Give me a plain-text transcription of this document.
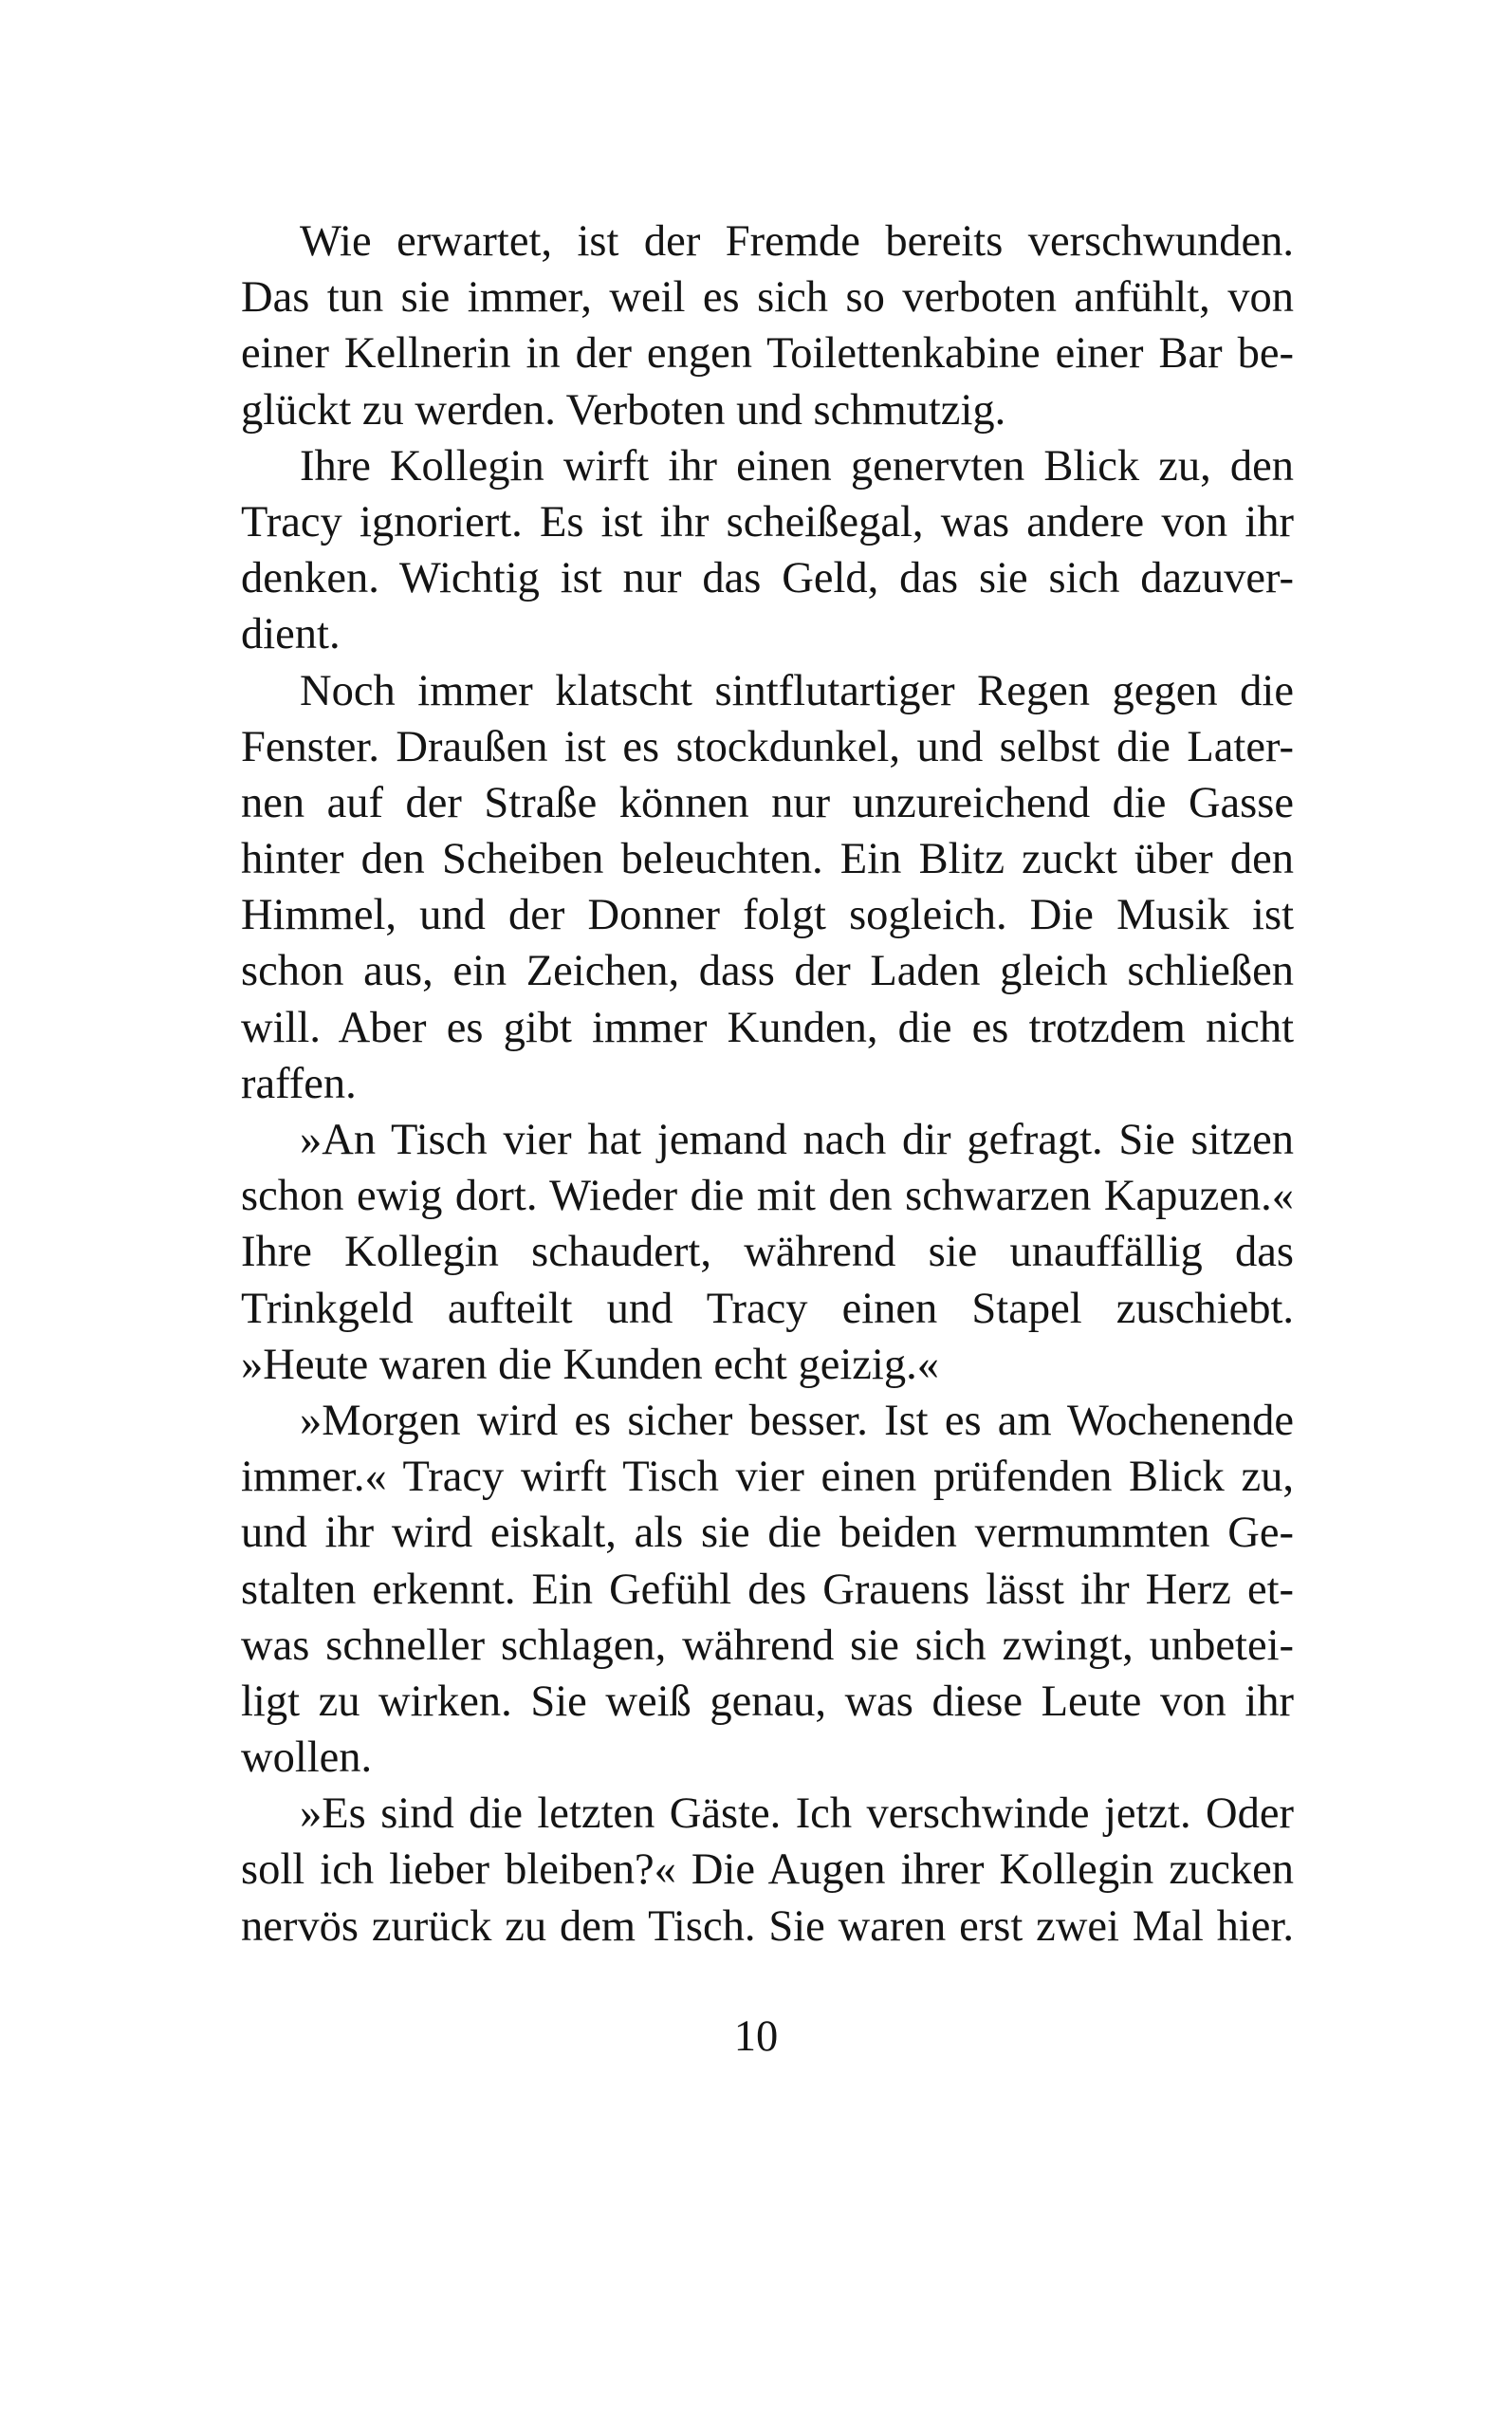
Wie erwartet, ist der Fremde bereits verschwunden.
Das tun sie immer, weil es sich so verboten anfühlt, von
einer Kellnerin in der engen Toilettenkabine einer Bar be-
glückt zu werden. Verboten und schmutzig.

Ihre Kollegin wirft ihr einen genervten Blick zu, den
Tracy ignoriert. Es ist ihr scheißegal, was andere von ihr
denken. Wichtig ist nur das Geld, das sie sich dazuver-
dient.

Noch immer klatscht sintflutartiger Regen gegen die
Fenster. Draußen ist es stockdunkel, und selbst die Later-
nen auf der Straße können nur unzureichend die Gasse
hinter den Scheiben beleuchten. Ein Blitz zuckt über den
Himmel, und der Donner folgt sogleich. Die Musik ist
schon aus, ein Zeichen, dass der Laden gleich schließen
will. Aber es gibt immer Kunden, die es trotzdem nicht
raffen.

»An Tisch vier hat jemand nach dir gefragt. Sie sitzen
schon ewig dort. Wieder die mit den schwarzen Kapuzen.«
Ihre Kollegin schaudert, während sie unauffällig das
Trinkgeld aufteilt und Tracy einen Stapel zuschiebt.
»Heute waren die Kunden echt geizig.«

»Morgen wird es sicher besser. Ist es am Wochenende
immer.« Tracy wirft Tisch vier einen prüfenden Blick zu,
und ihr wird eiskalt, als sie die beiden vermummten Ge-
stalten erkennt. Ein Gefühl des Grauens lässt ihr Herz et-
was schneller schlagen, während sie sich zwingt, unbetei-
ligt zu wirken. Sie weiß genau, was diese Leute von ihr
wollen.

»Es sind die letzten Gäste. Ich verschwinde jetzt. Oder
soll ich lieber bleiben?« Die Augen ihrer Kollegin zucken
nervös zurück zu dem Tisch. Sie waren erst zwei Mal hier.

10
